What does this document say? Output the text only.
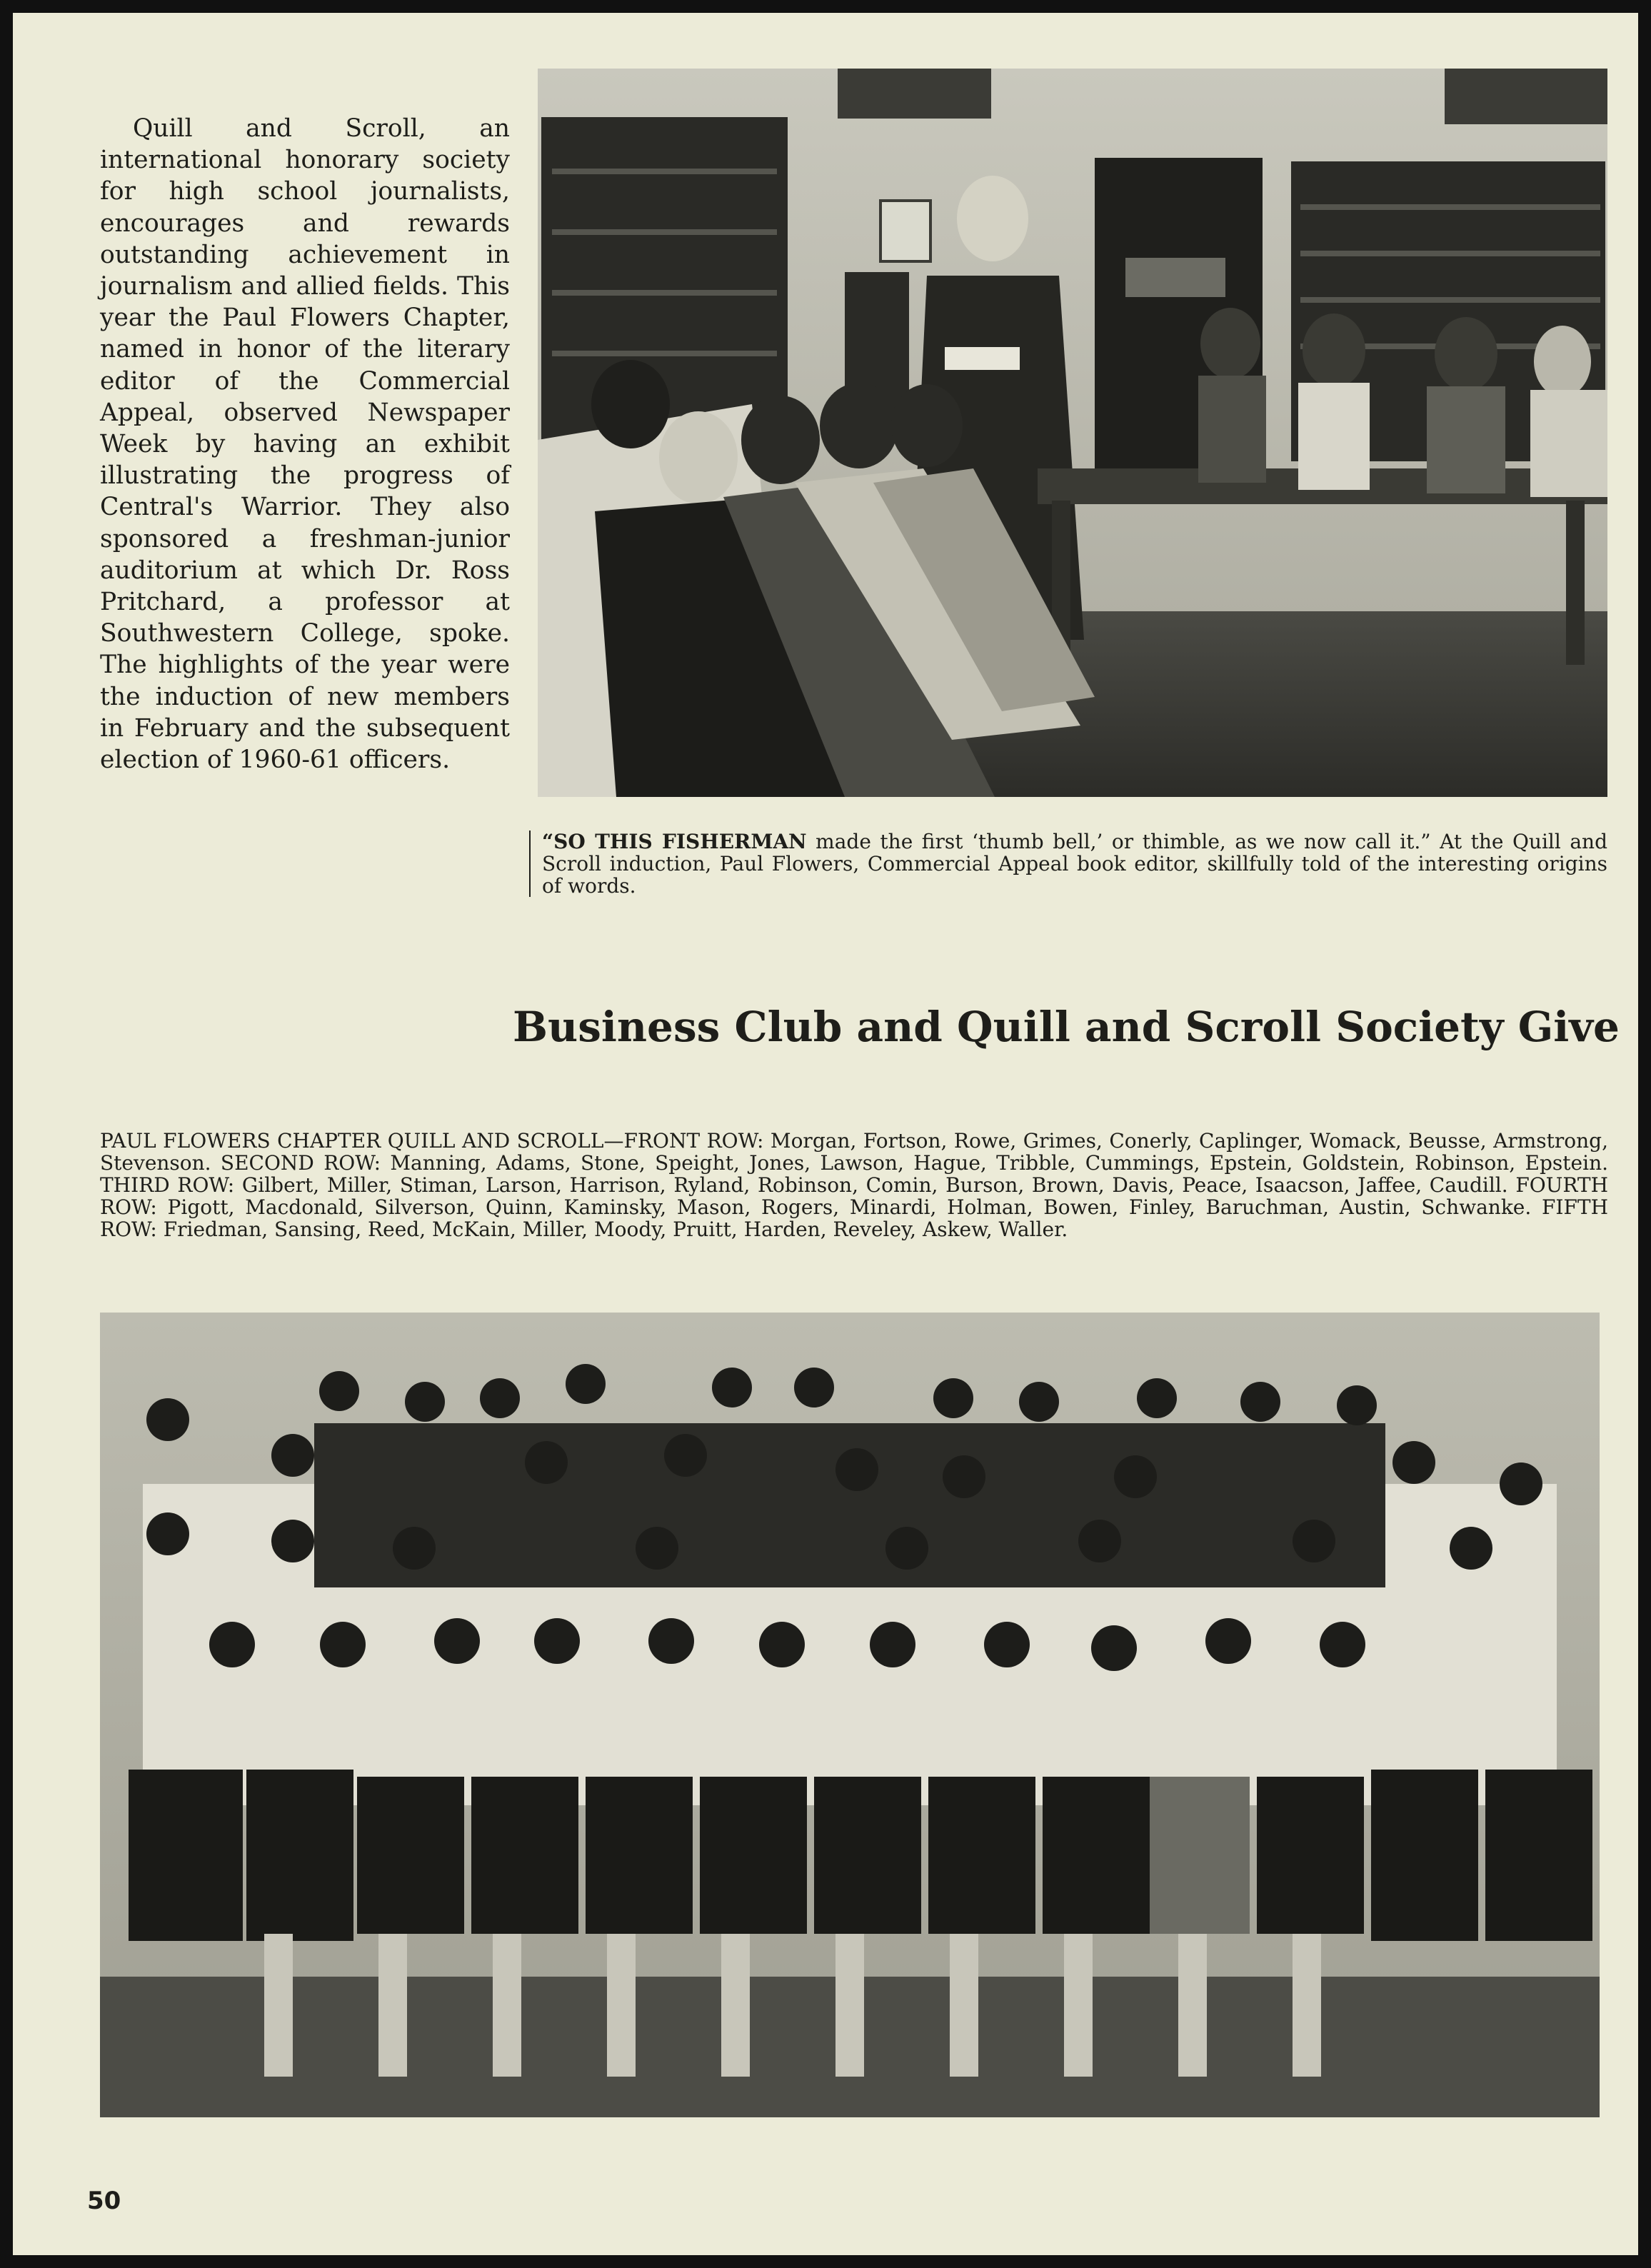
Quill and Scroll, an international honorary society for high school journalists, encourages and rewards outstanding achievement in journalism and allied fields. This year the Paul Flowers Chapter, named in honor of the literary editor of the Commercial Appeal, observed Newspaper Week by having an exhibit illustrating the progress of Central's Warrior. They also sponsored a freshman-junior auditorium at which Dr. Ross Pritchard, a professor at Southwestern College, spoke. The highlights of the year were the induction of new members in February and the subsequent election of 1960-61 officers.

“SO THIS FISHERMAN made the first ‘thumb bell,’ or thimble, as we now call it.” At the Quill and Scroll induction, Paul Flowers, Commercial Appeal book editor, skillfully told of the interesting origins of words.

Business Club and Quill and Scroll Society Give

PAUL FLOWERS CHAPTER QUILL AND SCROLL—FRONT ROW: Morgan, Fortson, Rowe, Grimes, Conerly, Caplinger, Womack, Beusse, Armstrong, Stevenson. SECOND ROW: Manning, Adams, Stone, Speight, Jones, Lawson, Hague, Tribble, Cummings, Epstein, Goldstein, Robinson, Epstein. THIRD ROW: Gilbert, Miller, Stiman, Larson, Harrison, Ryland, Robinson, Comin, Burson, Brown, Davis, Peace, Isaacson, Jaffee, Caudill. FOURTH ROW: Pigott, Macdonald, Silverson, Quinn, Kaminsky, Mason, Rogers, Minardi, Holman, Bowen, Finley, Baruchman, Austin, Schwanke. FIFTH ROW: Friedman, Sansing, Reed, McKain, Miller, Moody, Pruitt, Harden, Reveley, Askew, Waller.

50
